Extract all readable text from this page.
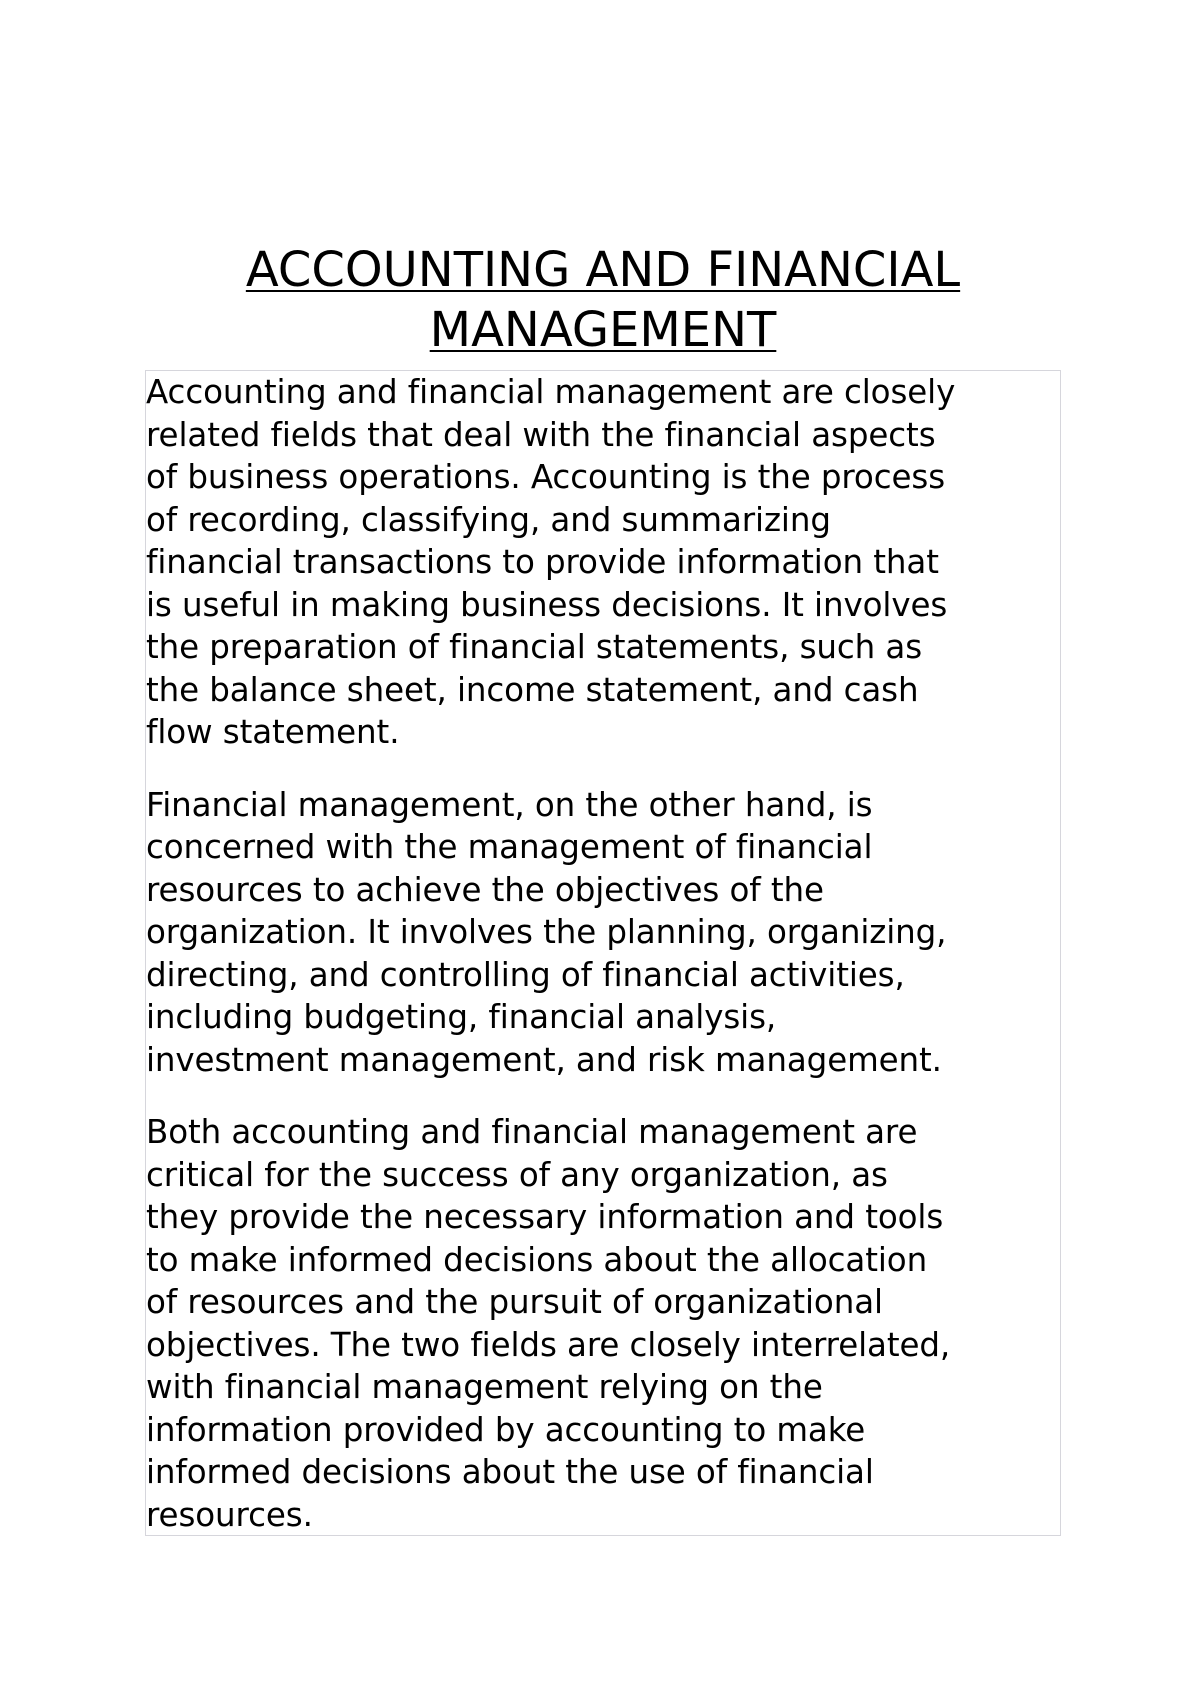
ACCOUNTING AND FINANCIAL
MANAGEMENT

Accounting and financial management are closely
related fields that deal with the financial aspects
of business operations. Accounting is the process
of recording, classifying, and summarizing
financial transactions to provide information that
is useful in making business decisions. It involves
the preparation of financial statements, such as
the balance sheet, income statement, and cash
flow statement.

Financial management, on the other hand, is
concerned with the management of financial
resources to achieve the objectives of the
organization. It involves the planning, organizing,
directing, and controlling of financial activities,
including budgeting, financial analysis,
investment management, and risk management.

Both accounting and financial management are
critical for the success of any organization, as
they provide the necessary information and tools
to make informed decisions about the allocation
of resources and the pursuit of organizational
objectives. The two fields are closely interrelated,
with financial management relying on the
information provided by accounting to make
informed decisions about the use of financial
resources.
